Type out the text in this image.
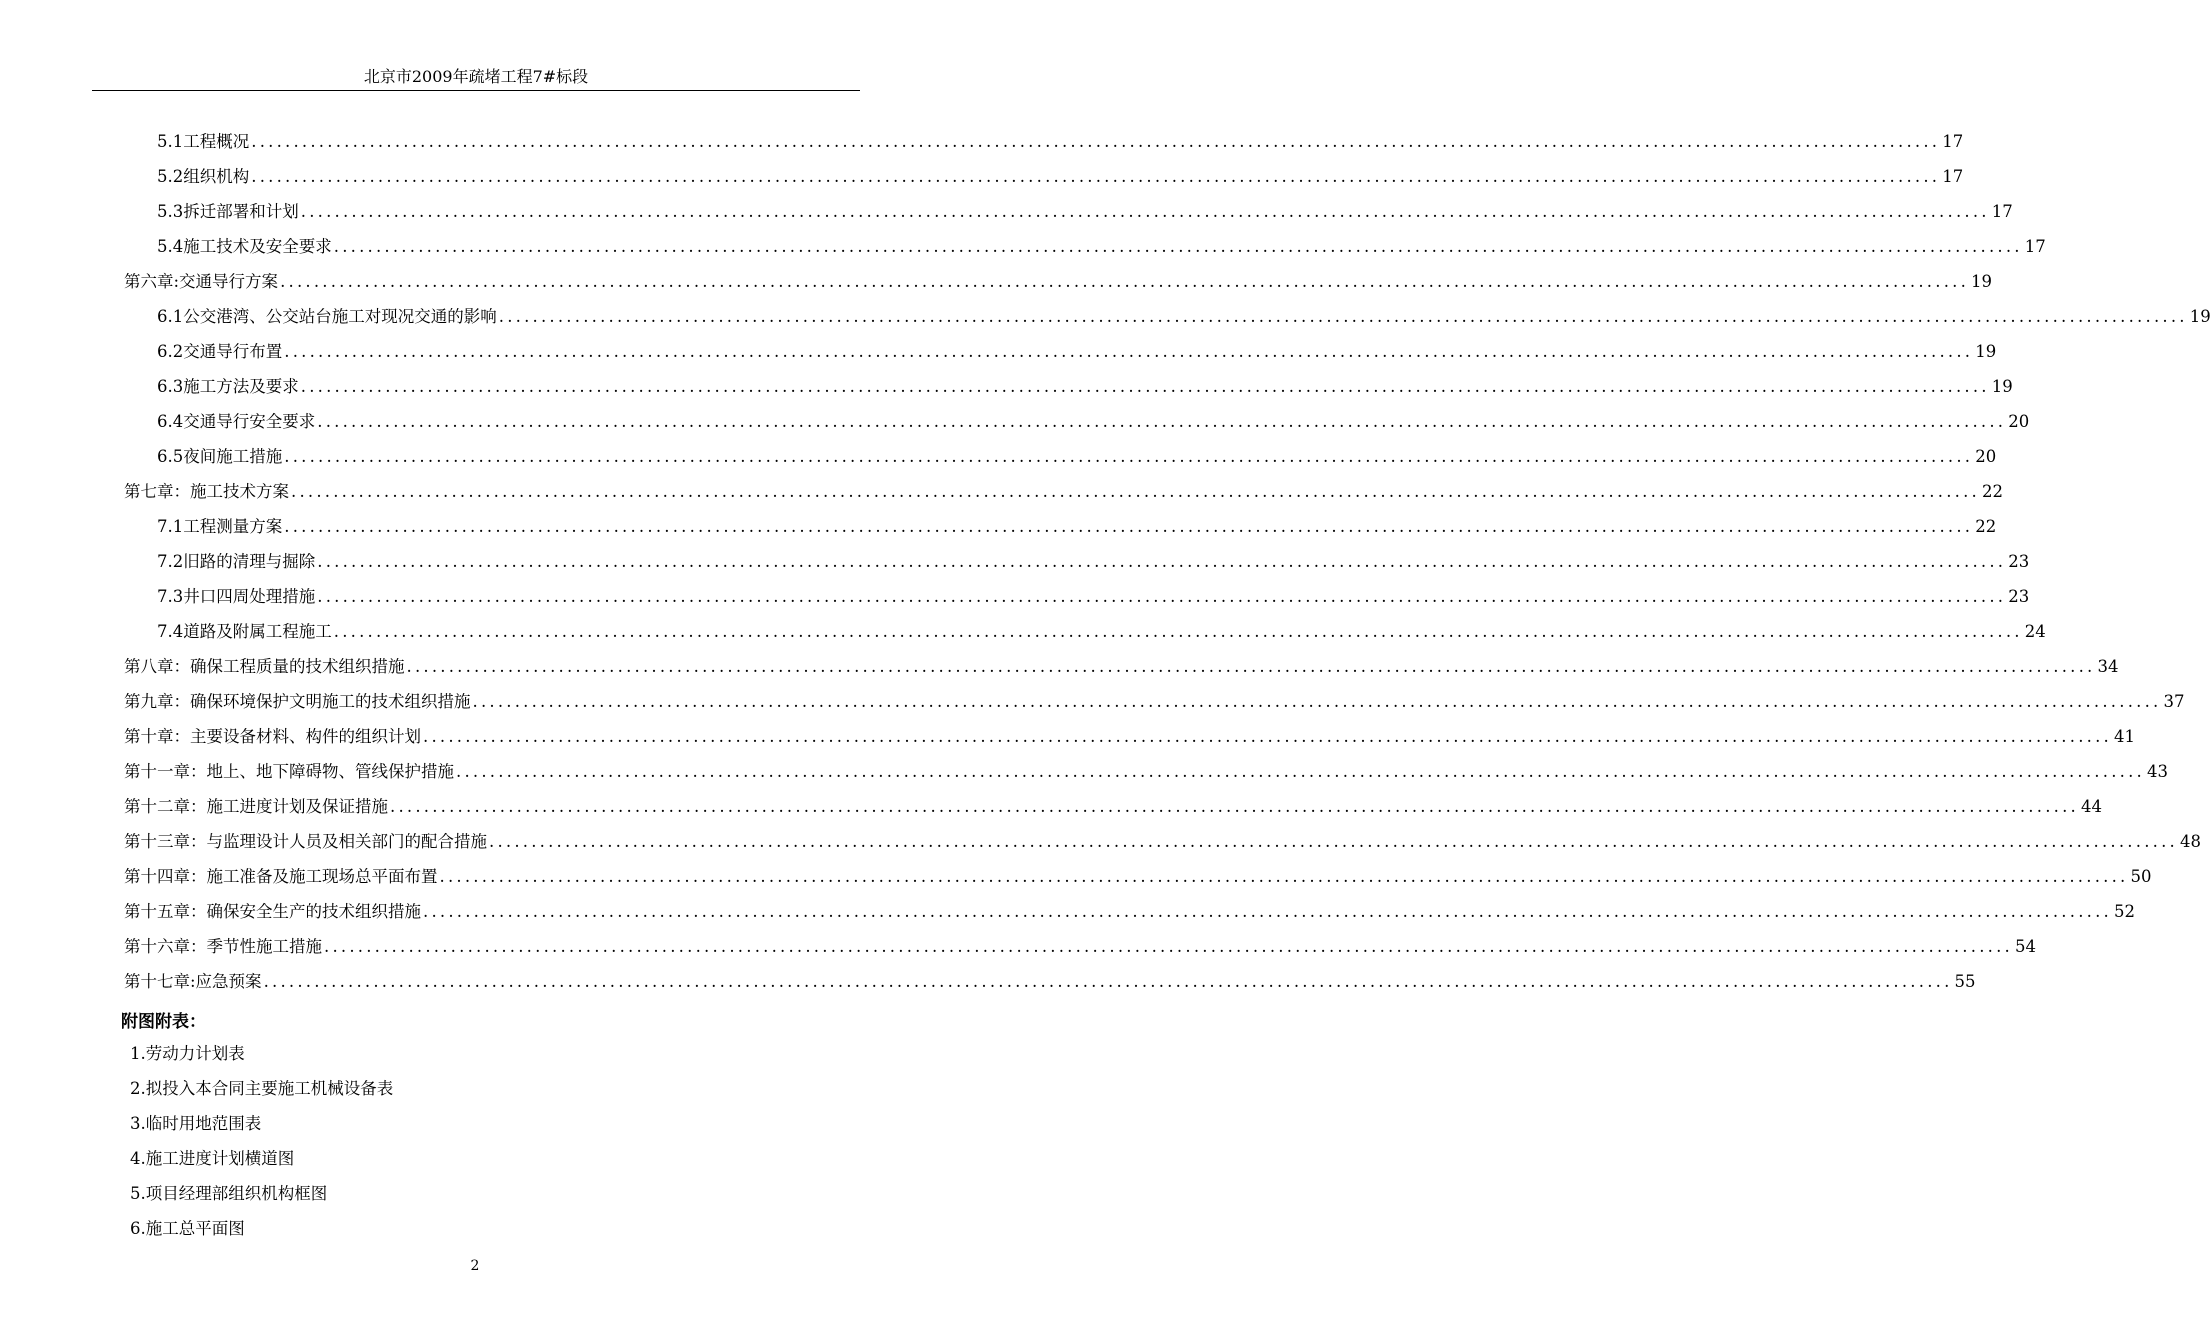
北京市2009年疏堵工程7#标段
5.1工程概况 ........................................................................................................................................................................................................ 17
5.2组织机构 ........................................................................................................................................................................................................ 17
5.3拆迁部署和计划 ........................................................................................................................................................................................................ 17
5.4施工技术及安全要求 ........................................................................................................................................................................................................ 17
第六章:交通导行方案 ........................................................................................................................................................................................................ 19
6.1公交港湾、公交站台施工对现况交通的影响 ........................................................................................................................................................................................................ 19
6.2交通导行布置 ........................................................................................................................................................................................................ 19
6.3施工方法及要求 ........................................................................................................................................................................................................ 19
6.4交通导行安全要求 ........................................................................................................................................................................................................ 20
6.5夜间施工措施 ........................................................................................................................................................................................................ 20
第七章：施工技术方案 ........................................................................................................................................................................................................ 22
7.1工程测量方案 ........................................................................................................................................................................................................ 22
7.2旧路的清理与掘除 ........................................................................................................................................................................................................ 23
7.3井口四周处理措施 ........................................................................................................................................................................................................ 23
7.4道路及附属工程施工 ........................................................................................................................................................................................................ 24
第八章：确保工程质量的技术组织措施 ........................................................................................................................................................................................................ 34
第九章：确保环境保护文明施工的技术组织措施 ........................................................................................................................................................................................................ 37
第十章：主要设备材料、构件的组织计划 ........................................................................................................................................................................................................ 41
第十一章：地上、地下障碍物、管线保护措施 ........................................................................................................................................................................................................ 43
第十二章：施工进度计划及保证措施 ........................................................................................................................................................................................................ 44
第十三章：与监理设计人员及相关部门的配合措施 ........................................................................................................................................................................................................ 48
第十四章：施工准备及施工现场总平面布置 ........................................................................................................................................................................................................ 50
第十五章：确保安全生产的技术组织措施 ........................................................................................................................................................................................................ 52
第十六章：季节性施工措施 ........................................................................................................................................................................................................ 54
第十七章:应急预案 ........................................................................................................................................................................................................ 55
附图附表：
1.劳动力计划表
2.拟投入本合同主要施工机械设备表
3.临时用地范围表
4.施工进度计划横道图
5.项目经理部组织机构框图
6.施工总平面图
2
